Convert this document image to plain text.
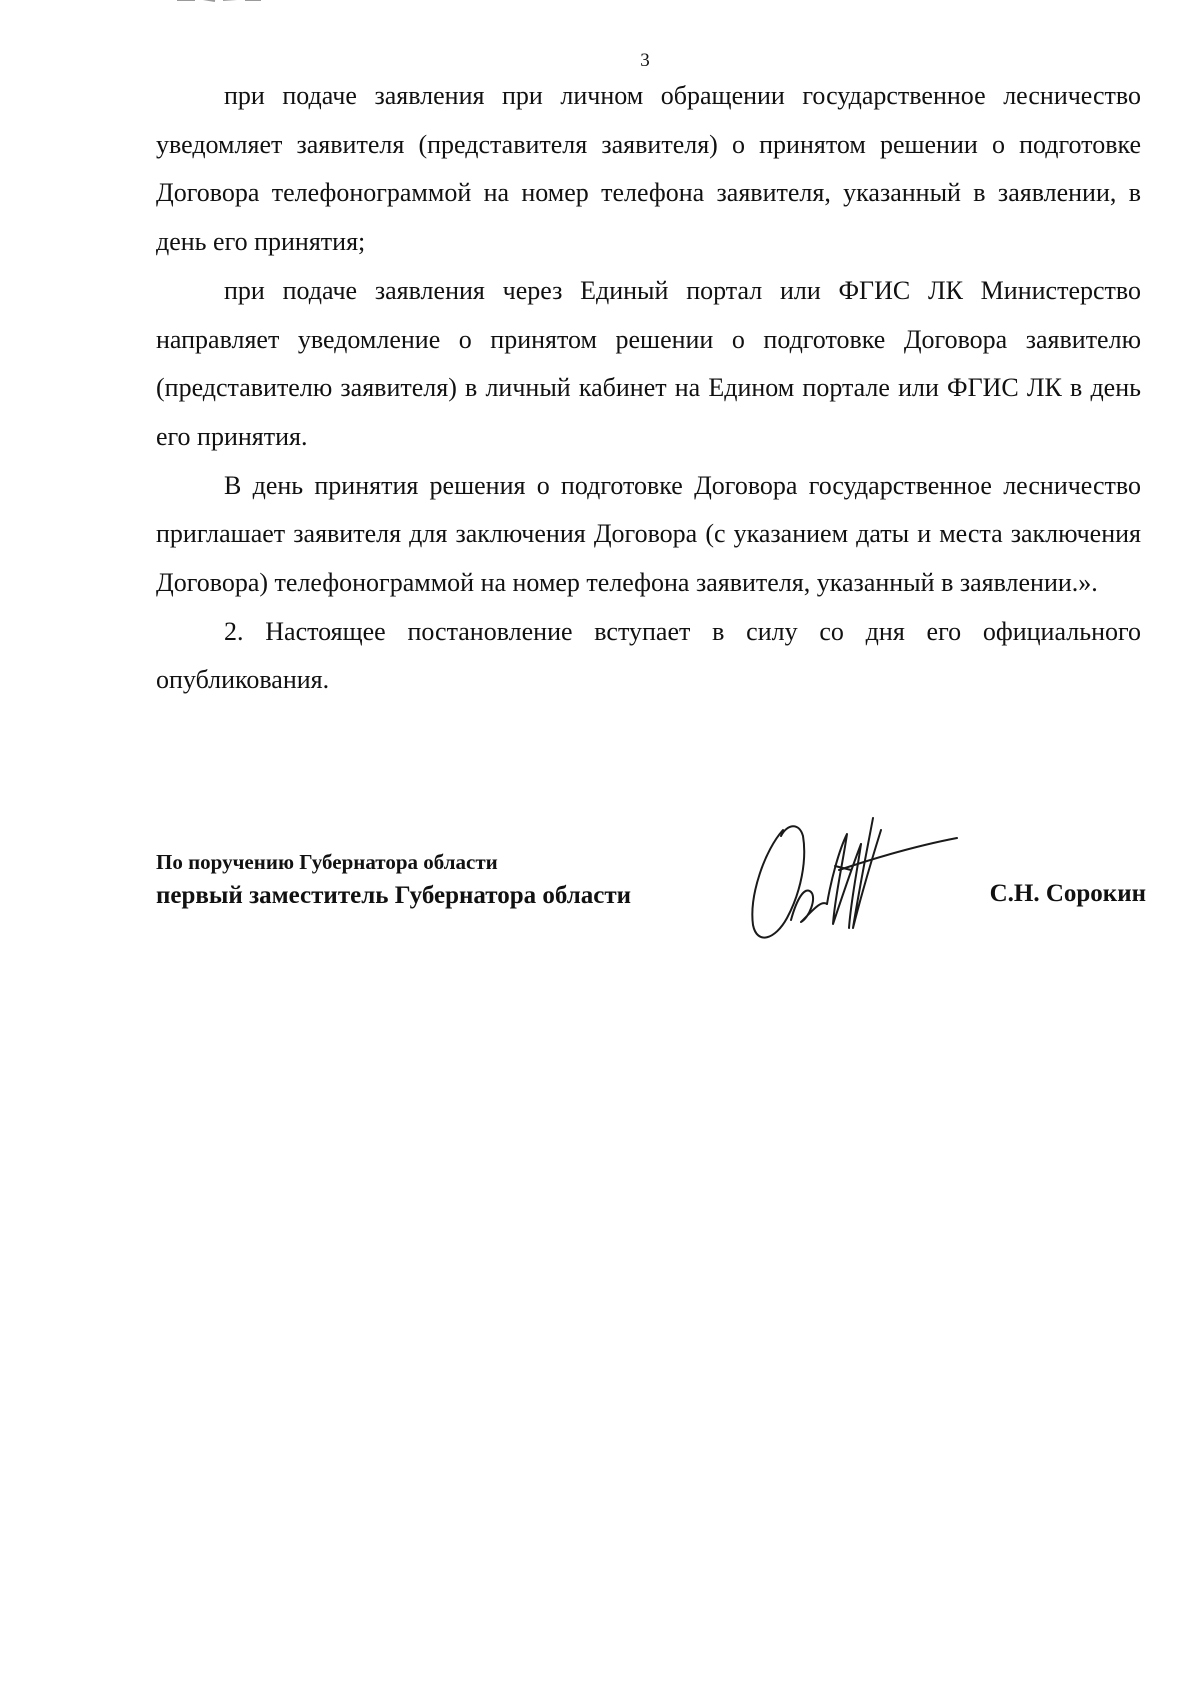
3

при подаче заявления при личном обращении государственное лесничество уведомляет заявителя (представителя заявителя) о принятом решении о подготовке Договора телефонограммой на номер телефона заявителя, указанный в заявлении, в день его принятия;

при подаче заявления через Единый портал или ФГИС ЛК Министерство направляет уведомление о принятом решении о подготовке Договора заявителю (представителю заявителя) в личный кабинет на Едином портале или ФГИС ЛК в день его принятия.

В день принятия решения о подготовке Договора государственное лесничество приглашает заявителя для заключения Договора (с указанием даты и места заключения Договора) телефонограммой на номер телефона заявителя, указанный в заявлении.».

2. Настоящее постановление вступает в силу со дня его официального опубликования.

По поручению Губернатора области
первый заместитель Губернатора области	С.Н. Сорокин
